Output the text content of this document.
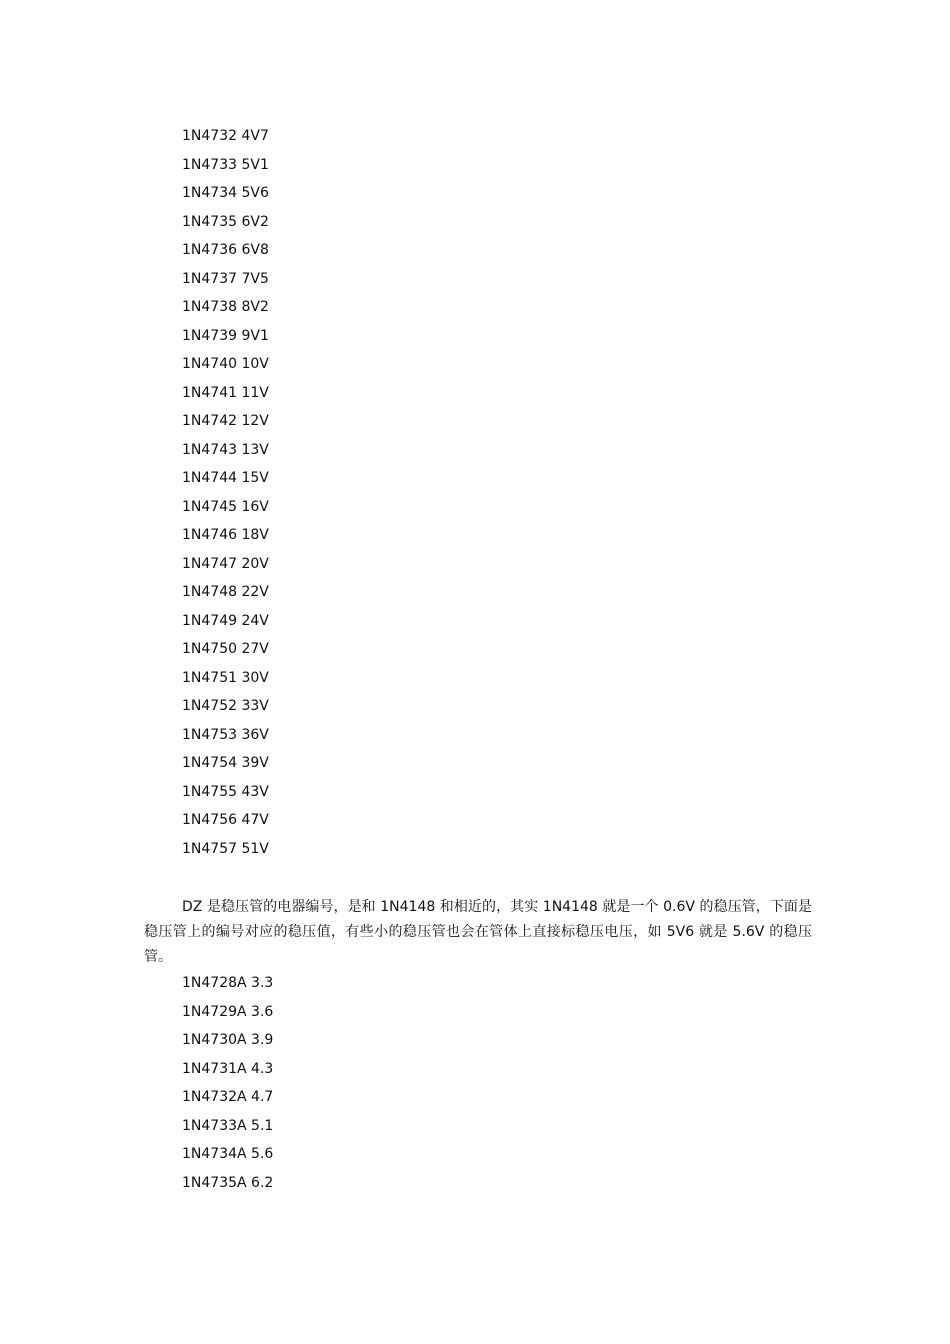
1N4732 4V7
1N4733 5V1
1N4734 5V6
1N4735 6V2
1N4736 6V8
1N4737 7V5
1N4738 8V2
1N4739 9V1
1N4740 10V
1N4741 11V
1N4742 12V
1N4743 13V
1N4744 15V
1N4745 16V
1N4746 18V
1N4747 20V
1N4748 22V
1N4749 24V
1N4750 27V
1N4751 30V
1N4752 33V
1N4753 36V
1N4754 39V
1N4755 43V
1N4756 47V
1N4757 51V

DZ 是稳压管的电器编号，是和 1N4148 和相近的，其实 1N4148 就是一个 0.6V 的稳压管，下面是稳压管上的编号对应的稳压值，有些小的稳压管也会在管体上直接标稳压电压，如 5V6 就是 5.6V 的稳压管。

1N4728A 3.3
1N4729A 3.6
1N4730A 3.9
1N4731A 4.3
1N4732A 4.7
1N4733A 5.1
1N4734A 5.6
1N4735A 6.2
